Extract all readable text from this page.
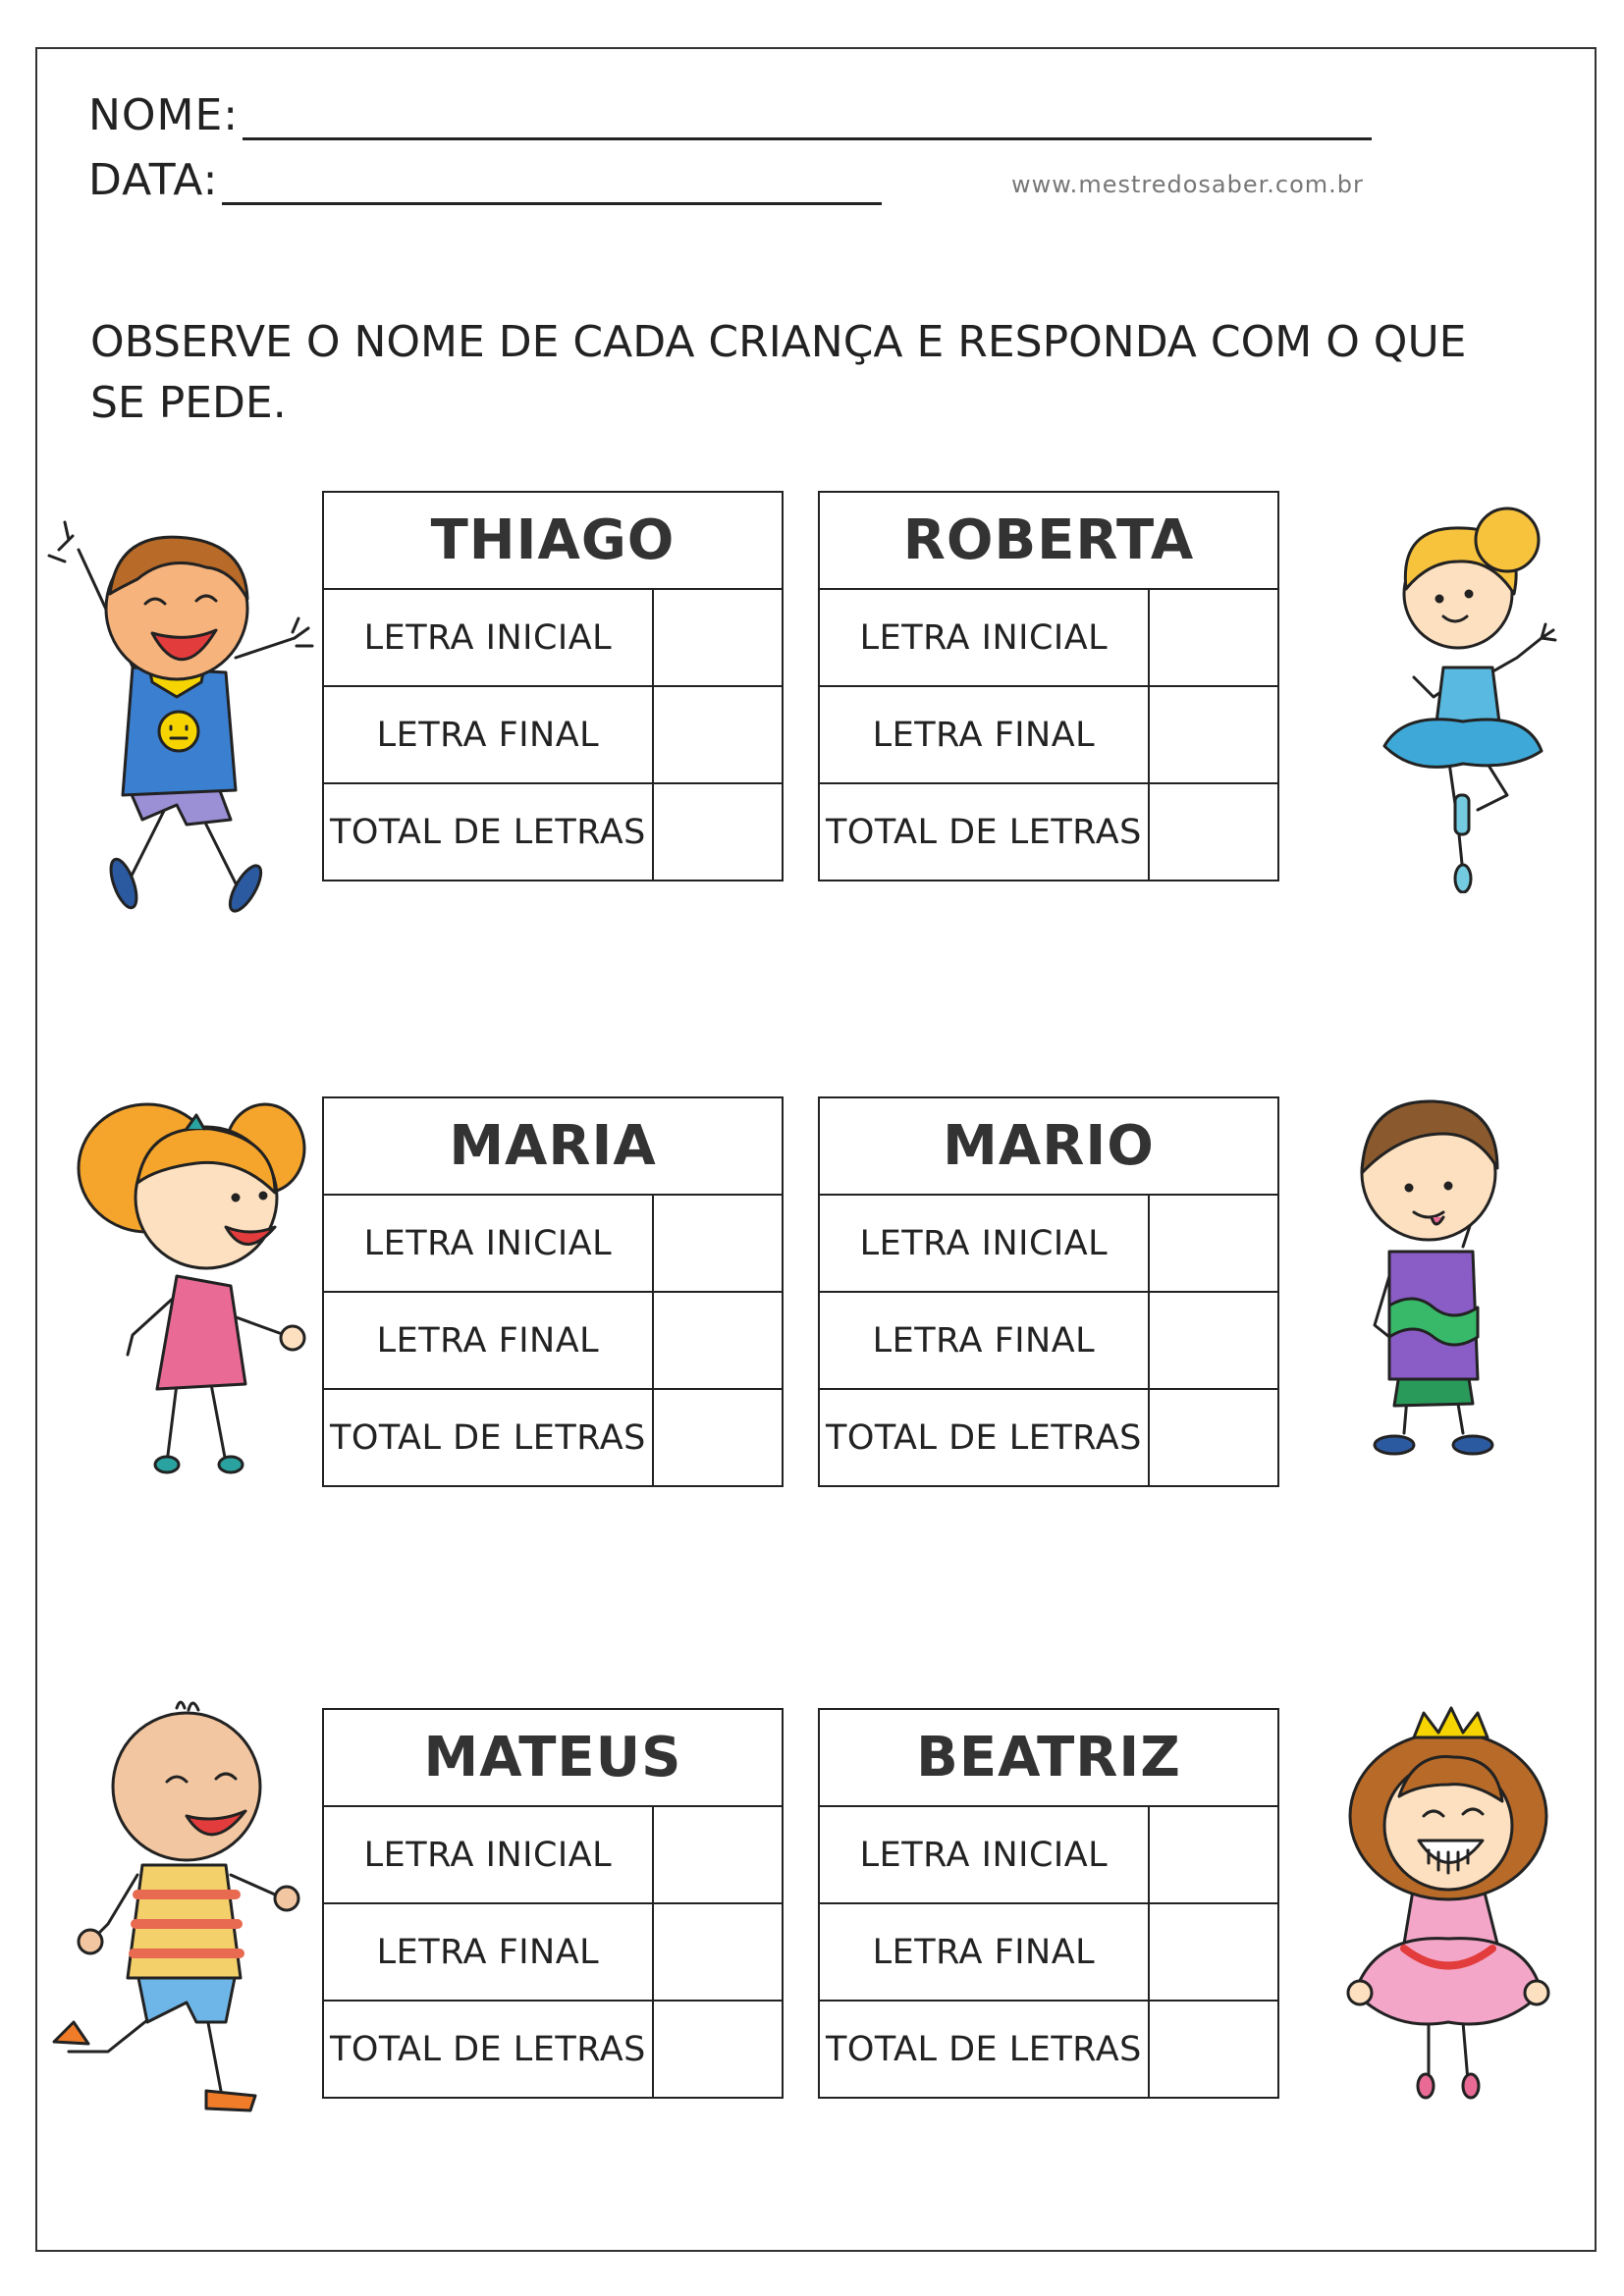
NOME:
DATA:	www.mestredosaber.com.br
OBSERVE O NOME DE CADA CRIANÇA E RESPONDA COM O QUE SE PEDE.
THIAGO	
LETRA INICIAL	
LETRA FINAL	
TOTAL DE LETRAS	
ROBERTA	
LETRA INICIAL	
LETRA FINAL	
TOTAL DE LETRAS	
MARIA	
LETRA INICIAL	
LETRA FINAL	
TOTAL DE LETRAS	
MARIO	
LETRA INICIAL	
LETRA FINAL	
TOTAL DE LETRAS	
MATEUS	
LETRA INICIAL	
LETRA FINAL	
TOTAL DE LETRAS	
BEATRIZ	
LETRA INICIAL	
LETRA FINAL	
TOTAL DE LETRAS	
